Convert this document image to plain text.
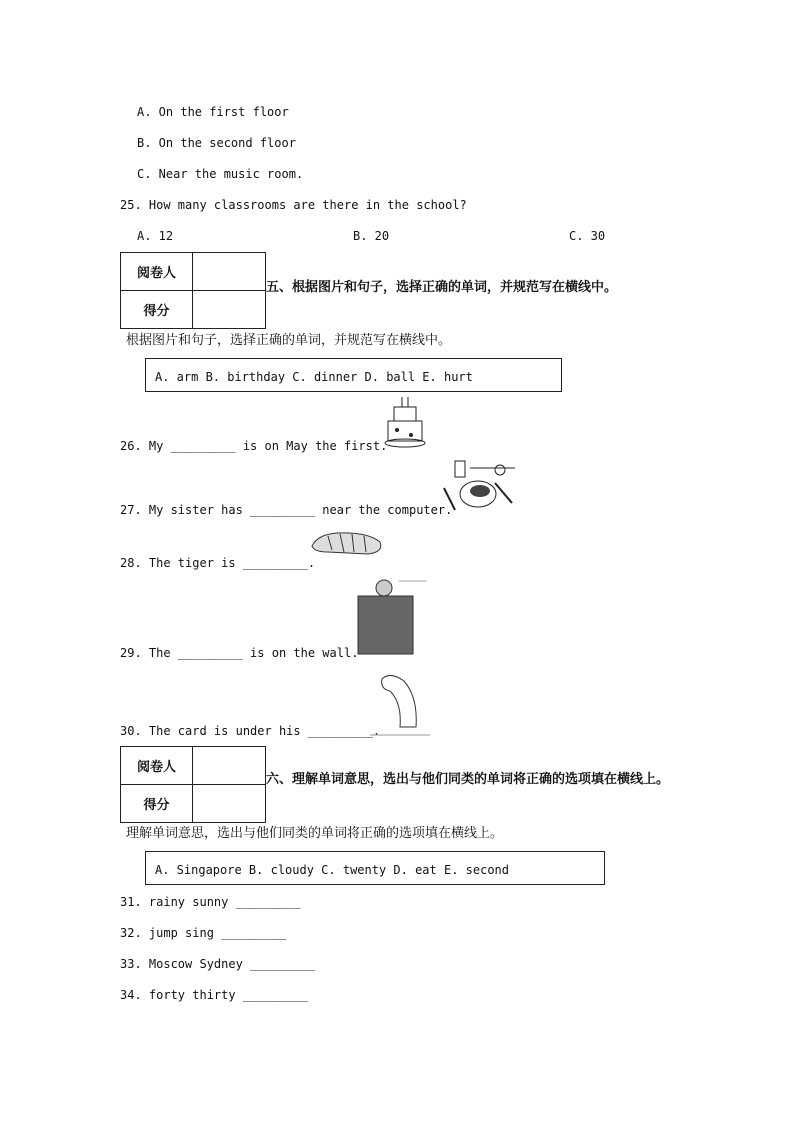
A. On the first floor
B. On the second floor
C. Near the music room.
25. How many classrooms are there in the school?
A. 12	B. 20	C. 30
阅卷人	
得分	
五、根据图片和句子，选择正确的单词，并规范写在横线中。
根据图片和句子，选择正确的单词，并规范写在横线中。
A. arm B. birthday C. dinner D. ball E. hurt
26. My _________ is on May the first.
27. My sister has _________ near the computer.
28. The tiger is _________.
29. The _________ is on the wall.
30. The card is under his _________.
阅卷人	
得分	
六、理解单词意思，选出与他们同类的单词将正确的选项填在横线上。
理解单词意思，选出与他们同类的单词将正确的选项填在横线上。
A. Singapore B. cloudy C. twenty D. eat E. second
31. rainy sunny _________
32. jump sing _________
33. Moscow Sydney _________
34. forty thirty _________
